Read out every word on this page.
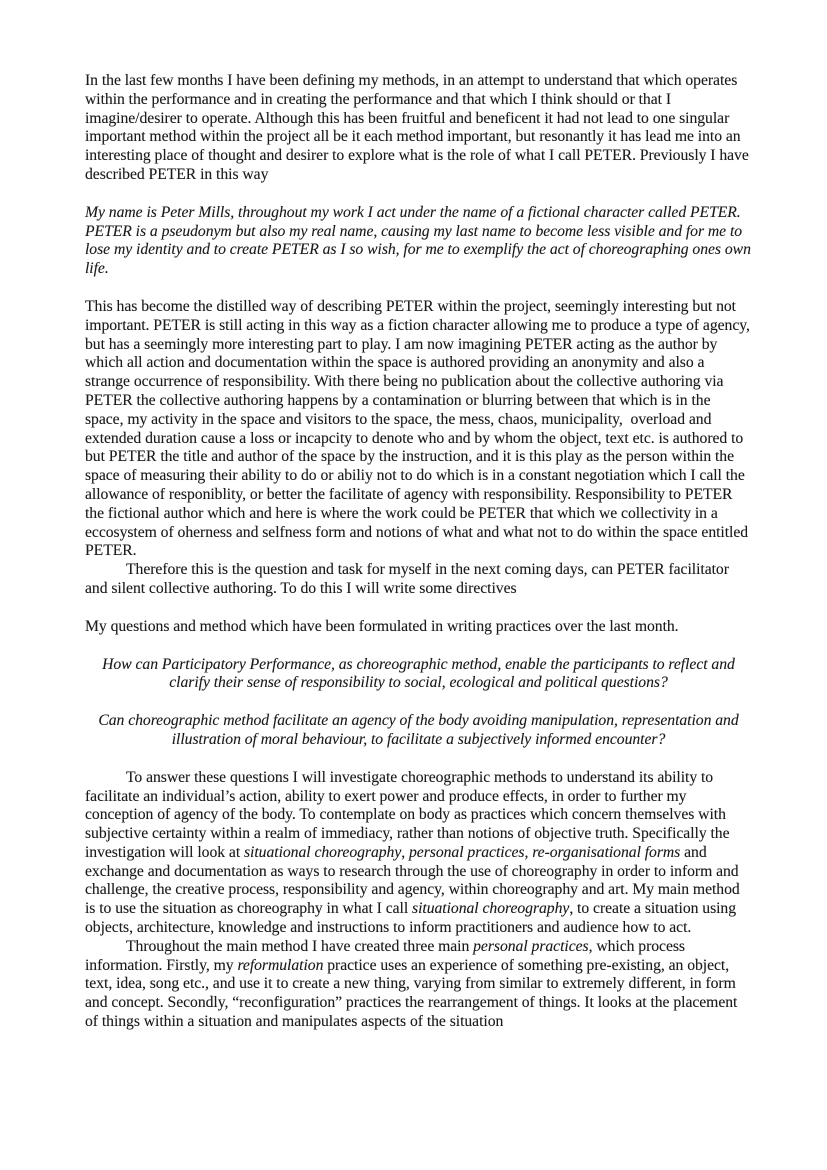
In the last few months I have been defining my methods, in an attempt to understand that which operates within the performance and in creating the performance and that which I think should or that I imagine/desirer to operate. Although this has been fruitful and beneficent it had not lead to one singular important method within the project all be it each method important, but resonantly it has lead me into an interesting place of thought and desirer to explore what is the role of what I call PETER. Previously I have described PETER in this way

My name is Peter Mills, throughout my work I act under the name of a fictional character called PETER. PETER is a pseudonym but also my real name, causing my last name to become less visible and for me to lose my identity and to create PETER as I so wish, for me to exemplify the act of choreographing ones own life.

This has become the distilled way of describing PETER within the project, seemingly interesting but not important. PETER is still acting in this way as a fiction character allowing me to produce a type of agency, but has a seemingly more interesting part to play. I am now imagining PETER acting as the author by which all action and documentation within the space is authored providing an anonymity and also a strange occurrence of responsibility. With there being no publication about the collective authoring via PETER the collective authoring happens by a contamination or blurring between that which is in the space, my activity in the space and visitors to the space, the mess, chaos, municipality,  overload and extended duration cause a loss or incapcity to denote who and by whom the object, text etc. is authored to but PETER the title and author of the space by the instruction, and it is this play as the person within the space of measuring their ability to do or abiliy not to do which is in a constant negotiation which I call the allowance of responiblity, or better the facilitate of agency with responsibility. Responsibility to PETER the fictional author which and here is where the work could be PETER that which we collectivity in a eccosystem of oherness and selfness form and notions of what and what not to do within the space entitled PETER.

Therefore this is the question and task for myself in the next coming days, can PETER facilitator and silent collective authoring. To do this I will write some directives

My questions and method which have been formulated in writing practices over the last month.

How can Participatory Performance, as choreographic method, enable the participants to reflect and clarify their sense of responsibility to social, ecological and political questions?

Can choreographic method facilitate an agency of the body avoiding manipulation, representation and illustration of moral behaviour, to facilitate a subjectively informed encounter?

To answer these questions I will investigate choreographic methods to understand its ability to facilitate an individual’s action, ability to exert power and produce effects, in order to further my conception of agency of the body. To contemplate on body as practices which concern themselves with subjective certainty within a realm of immediacy, rather than notions of objective truth. Specifically the investigation will look at situational choreography, personal practices, re-organisational forms and exchange and documentation as ways to research through the use of choreography in order to inform and challenge, the creative process, responsibility and agency, within choreography and art. My main method is to use the situation as choreography in what I call situational choreography, to create a situation using objects, architecture, knowledge and instructions to inform practitioners and audience how to act.

Throughout the main method I have created three main personal practices, which process information. Firstly, my reformulation practice uses an experience of something pre-existing, an object, text, idea, song etc., and use it to create a new thing, varying from similar to extremely different, in form and concept. Secondly, “reconfiguration” practices the rearrangement of things. It looks at the placement of things within a situation and manipulates aspects of the situation
